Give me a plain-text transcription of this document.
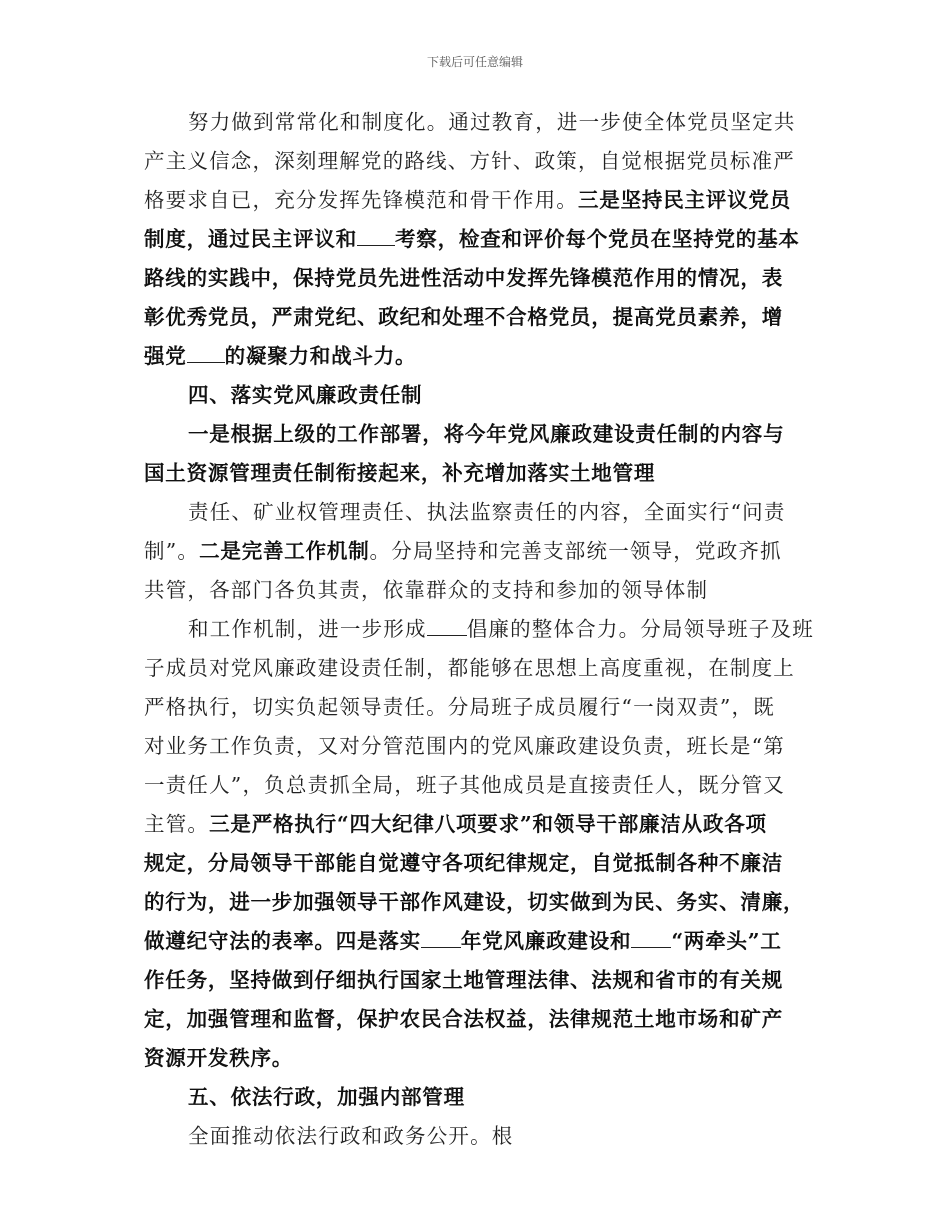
下载后可任意编辑
努力做到常常化和制度化。通过教育，进一步使全体党员坚定共
产主义信念，深刻理解党的路线、方针、政策，自觉根据党员标准严
格要求自已，充分发挥先锋模范和骨干作用。三是坚持民主评议党员
制度，通过民主评议和 考察，检查和评价每个党员在坚持党的基本
路线的实践中，保持党员先进性活动中发挥先锋模范作用的情况，表
彰优秀党员，严肃党纪、政纪和处理不合格党员，提高党员素养，增
强党 的凝聚力和战斗力。
四、落实党风廉政责任制
一是根据上级的工作部署，将今年党风廉政建设责任制的内容与
国土资源管理责任制衔接起来，补充增加落实土地管理
责任、矿业权管理责任、执法监察责任的内容，全面实行“问责
制”。二是完善工作机制。分局坚持和完善支部统一领导，党政齐抓
共管，各部门各负其责，依靠群众的支持和参加的领导体制
和工作机制，进一步形成 倡廉的整体合力。分局领导班子及班
子成员对党风廉政建设责任制，都能够在思想上高度重视，在制度上
严格执行，切实负起领导责任。分局班子成员履行“一岗双责”，既
对业务工作负责，又对分管范围内的党风廉政建设负责，班长是“第
一责任人”，负总责抓全局，班子其他成员是直接责任人，既分管又
主管。三是严格执行“四大纪律八项要求”和领导干部廉洁从政各项
规定，分局领导干部能自觉遵守各项纪律规定，自觉抵制各种不廉洁
的行为，进一步加强领导干部作风建设，切实做到为民、务实、清廉，
做遵纪守法的表率。四是落实 年党风廉政建设和 “两牵头”工
作任务，坚持做到仔细执行国家土地管理法律、法规和省市的有关规
定，加强管理和监督，保护农民合法权益，法律规范土地市场和矿产
资源开发秩序。
五、依法行政，加强内部管理
全面推动依法行政和政务公开。根
